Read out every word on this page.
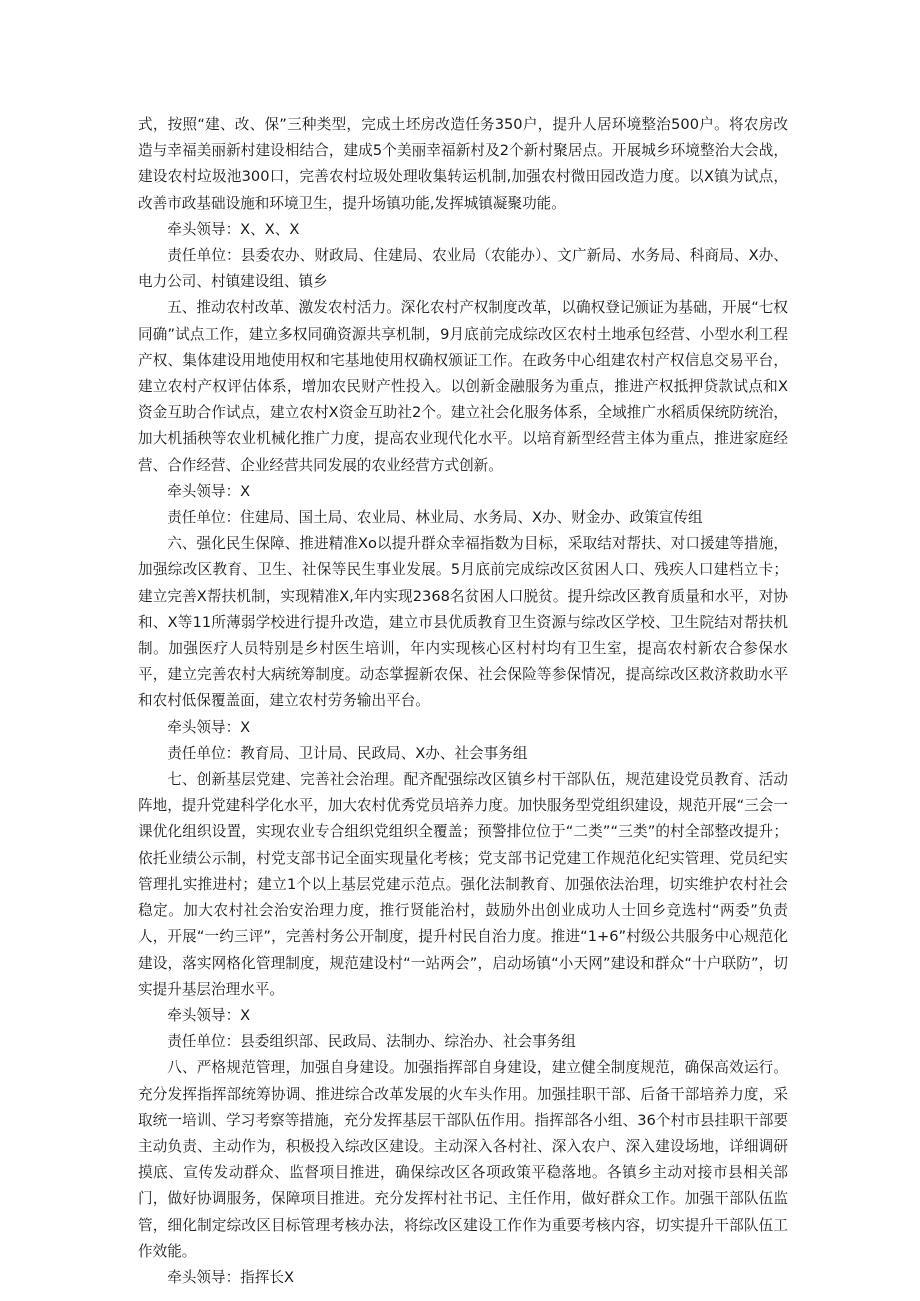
式，按照“建、改、保”三种类型，完成土坯房改造任务350户，提升人居环境整治500户。将农房改造与幸福美丽新村建设相结合，建成5个美丽幸福新村及2个新村聚居点。开展城乡环境整治大会战，建设农村垃圾池300口，完善农村垃圾处理收集转运机制,加强农村微田园改造力度。以X镇为试点，改善市政基础设施和环境卫生，提升场镇功能,发挥城镇凝聚功能。

牵头领导：X、X、X

责任单位：县委农办、财政局、住建局、农业局（农能办）、文广新局、水务局、科商局、X办、电力公司、村镇建设组、镇乡

五、推动农村改革、激发农村活力。深化农村产权制度改革，以确权登记颁证为基础，开展“七权同确”试点工作，建立多权同确资源共享机制，9月底前完成综改区农村土地承包经营、小型水利工程产权、集体建设用地使用权和宅基地使用权确权颁证工作。在政务中心组建农村产权信息交易平台，建立农村产权评估体系，增加农民财产性投入。以创新金融服务为重点，推进产权抵押贷款试点和X资金互助合作试点，建立农村X资金互助社2个。建立社会化服务体系，全域推广水稻质保统防统治，加大机插秧等农业机械化推广力度，提高农业现代化水平。以培育新型经营主体为重点，推进家庭经营、合作经营、企业经营共同发展的农业经营方式创新。

牵头领导：X

责任单位：住建局、国土局、农业局、林业局、水务局、X办、财金办、政策宣传组

六、强化民生保障、推进精准Xo以提升群众幸福指数为目标，采取结对帮扶、对口援建等措施，加强综改区教育、卫生、社保等民生事业发展。5月底前完成综改区贫困人口、残疾人口建档立卡；建立完善X帮扶机制，实现精准X,年内实现2368名贫困人口脱贫。提升综改区教育质量和水平，对协和、X等11所薄弱学校进行提升改造，建立市县优质教育卫生资源与综改区学校、卫生院结对帮扶机制。加强医疗人员特别是乡村医生培训，年内实现核心区村村均有卫生室，提高农村新农合参保水平，建立完善农村大病统筹制度。动态掌握新农保、社会保险等参保情况，提高综改区救济救助水平和农村低保覆盖面，建立农村劳务输出平台。

牵头领导：X

责任单位：教育局、卫计局、民政局、X办、社会事务组

七、创新基层党建、完善社会治理。配齐配强综改区镇乡村干部队伍，规范建设党员教育、活动阵地，提升党建科学化水平，加大农村优秀党员培养力度。加快服务型党组织建设，规范开展“三会一课优化组织设置，实现农业专合组织党组织全覆盖；预警排位位于“二类”“三类”的村全部整改提升；依托业绩公示制，村党支部书记全面实现量化考核；党支部书记党建工作规范化纪实管理、党员纪实管理扎实推进村；建立1个以上基层党建示范点。强化法制教育、加强依法治理，切实维护农村社会稳定。加大农村社会治安治理力度，推行贤能治村，鼓励外出创业成功人士回乡竞选村“两委”负责人，开展“一约三评”，完善村务公开制度，提升村民自治力度。推进“1+6”村级公共服务中心规范化建设，落实网格化管理制度，规范建设村“一站两会”，启动场镇“小天网”建设和群众“十户联防”，切实提升基层治理水平。

牵头领导：X

责任单位：县委组织部、民政局、法制办、综治办、社会事务组

八、严格规范管理，加强自身建设。加强指挥部自身建设，建立健全制度规范，确保高效运行。充分发挥指挥部统筹协调、推进综合改革发展的火车头作用。加强挂职干部、后备干部培养力度，采取统一培训、学习考察等措施，充分发挥基层干部队伍作用。指挥部各小组、36个村市县挂职干部要主动负责、主动作为，积极投入综改区建设。主动深入各村社、深入农户、深入建设场地，详细调研摸底、宣传发动群众、监督项目推进，确保综改区各项政策平稳落地。各镇乡主动对接市县相关部门，做好协调服务，保障项目推进。充分发挥村社书记、主任作用，做好群众工作。加强干部队伍监管，细化制定综改区目标管理考核办法，将综改区建设工作作为重要考核内容，切实提升干部队伍工作效能。

牵头领导：指挥长X
